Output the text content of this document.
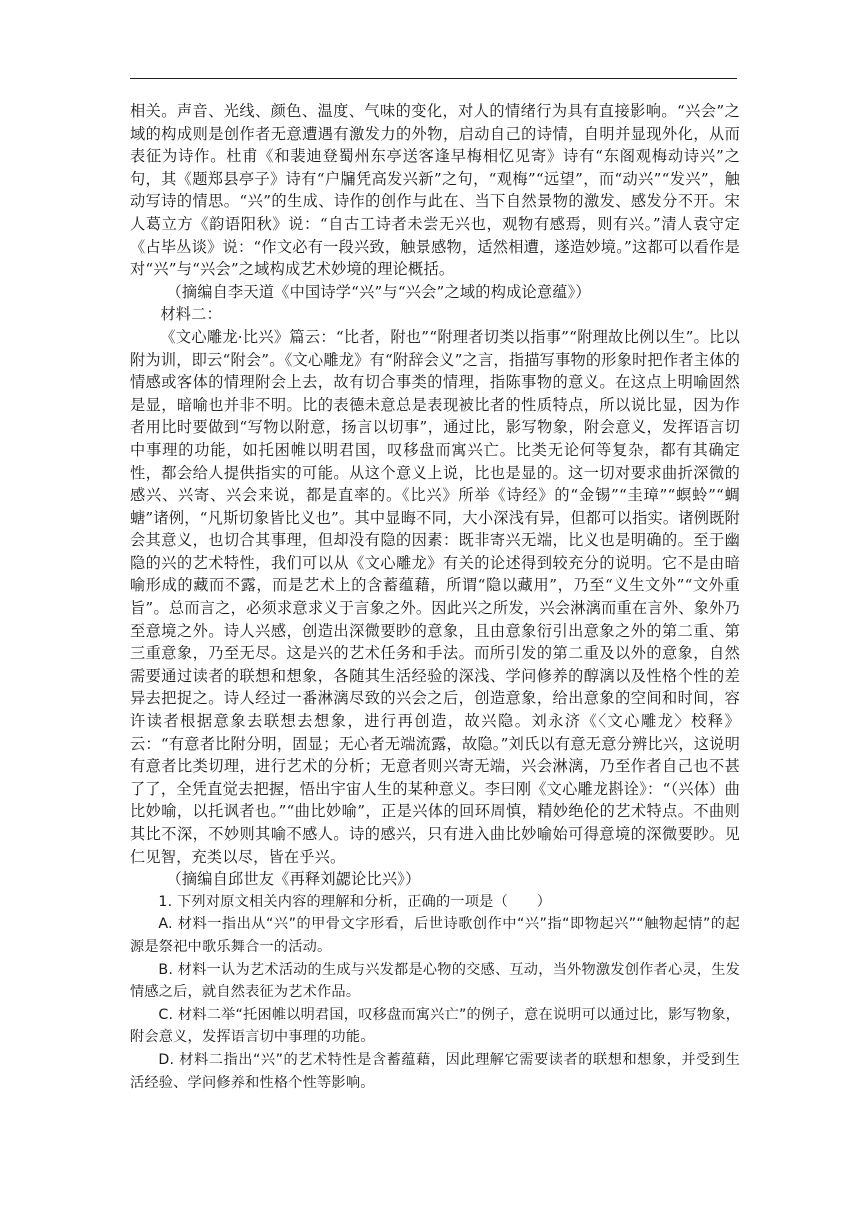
相关。声音、光线、颜色、温度、气味的变化，对人的情绪行为具有直接影响。“兴会”之域的构成则是创作者无意遭遇有激发力的外物，启动自己的诗情，自明并显现外化，从而表征为诗作。杜甫《和裴迪登蜀州东亭送客逢早梅相忆见寄》诗有“东阁观梅动诗兴”之句，其《题郑县亭子》诗有“户牖凭高发兴新”之句，“观梅”“远望”，而“动兴”“发兴”，触动写诗的情思。“兴”的生成、诗作的创作与此在、当下自然景物的激发、感发分不开。宋人葛立方《韵语阳秋》说：“自古工诗者未尝无兴也，观物有感焉，则有兴。”清人袁守定《占毕丛谈》说：“作文必有一段兴致，触景感物，适然相遭，遂造妙境。”这都可以看作是对“兴”与“兴会”之域构成艺术妙境的理论概括。

（摘编自李天道《中国诗学“兴”与“兴会”之域的构成论意蕴》）

材料二：

《文心雕龙·比兴》篇云：“比者，附也”“附理者切类以指事”“附理故比例以生”。比以附为训，即云“附会”。《文心雕龙》有“附辞会义”之言，指描写事物的形象时把作者主体的情感或客体的情理附会上去，故有切合事类的情理，指陈事物的意义。在这点上明喻固然是显，暗喻也并非不明。比的表德未意总是表现被比者的性质特点，所以说比显，因为作者用比时要做到“写物以附意，扬言以切事”，通过比，影写物象，附会意义，发挥语言切中事理的功能，如托困帷以明君国，叹移盘而寓兴亡。比类无论何等复杂，都有其确定性，都会给人提供指实的可能。从这个意义上说，比也是显的。这一切对要求曲折深微的感兴、兴寄、兴会来说，都是直率的。《比兴》所举《诗经》的“金锡”“圭璋”“螟蛉”“蜩螗”诸例，“凡斯切象皆比义也”。其中显晦不同，大小深浅有异，但都可以指实。诸例既附会其意义，也切合其事理，但却没有隐的因素：既非寄兴无端，比义也是明确的。至于幽隐的兴的艺术特性，我们可以从《文心雕龙》有关的论述得到较充分的说明。它不是由暗喻形成的藏而不露，而是艺术上的含蓄蕴藉，所谓“隐以藏用”，乃至“义生文外”“文外重旨”。总而言之，必须求意求义于言象之外。因此兴之所发，兴会淋漓而重在言外、象外乃至意境之外。诗人兴感，创造出深微要眇的意象，且由意象衍引出意象之外的第二重、第三重意象，乃至无尽。这是兴的艺术任务和手法。而所引发的第二重及以外的意象，自然需要通过读者的联想和想象，各随其生活经验的深浅、学问修养的醇漓以及性格个性的差异去把捉之。诗人经过一番淋漓尽致的兴会之后，创造意象，给出意象的空间和时间，容许读者根据意象去联想去想象，进行再创造，故兴隐。刘永济《〈文心雕龙〉校释》云：“有意者比附分明，固显；无心者无端流露，故隐。”刘氏以有意无意分辨比兴，这说明有意者比类切理，进行艺术的分析；无意者则兴寄无端，兴会淋漓，乃至作者自己也不甚了了，全凭直觉去把握，悟出宇宙人生的某种意义。李曰刚《文心雕龙斟诠》：“（兴体）曲比妙喻，以托讽者也。”“曲比妙喻”，正是兴体的回环周慎，精妙绝伦的艺术特点。不曲则其比不深，不妙则其喻不感人。诗的感兴，只有进入曲比妙喻始可得意境的深微要眇。见仁见智，充类以尽，皆在乎兴。

（摘编自邱世友《再释刘勰论比兴》）

1. 下列对原文相关内容的理解和分析，正确的一项是（　　）

A. 材料一指出从“兴”的甲骨文字形看，后世诗歌创作中“兴”指“即物起兴”“触物起情”的起源是祭祀中歌乐舞合一的活动。

B. 材料一认为艺术活动的生成与兴发都是心物的交感、互动，当外物激发创作者心灵，生发情感之后，就自然表征为艺术作品。

C. 材料二举“托困帷以明君国，叹移盘而寓兴亡”的例子，意在说明可以通过比，影写物象，附会意义，发挥语言切中事理的功能。

D. 材料二指出“兴”的艺术特性是含蓄蕴藉，因此理解它需要读者的联想和想象，并受到生活经验、学问修养和性格个性等影响。
